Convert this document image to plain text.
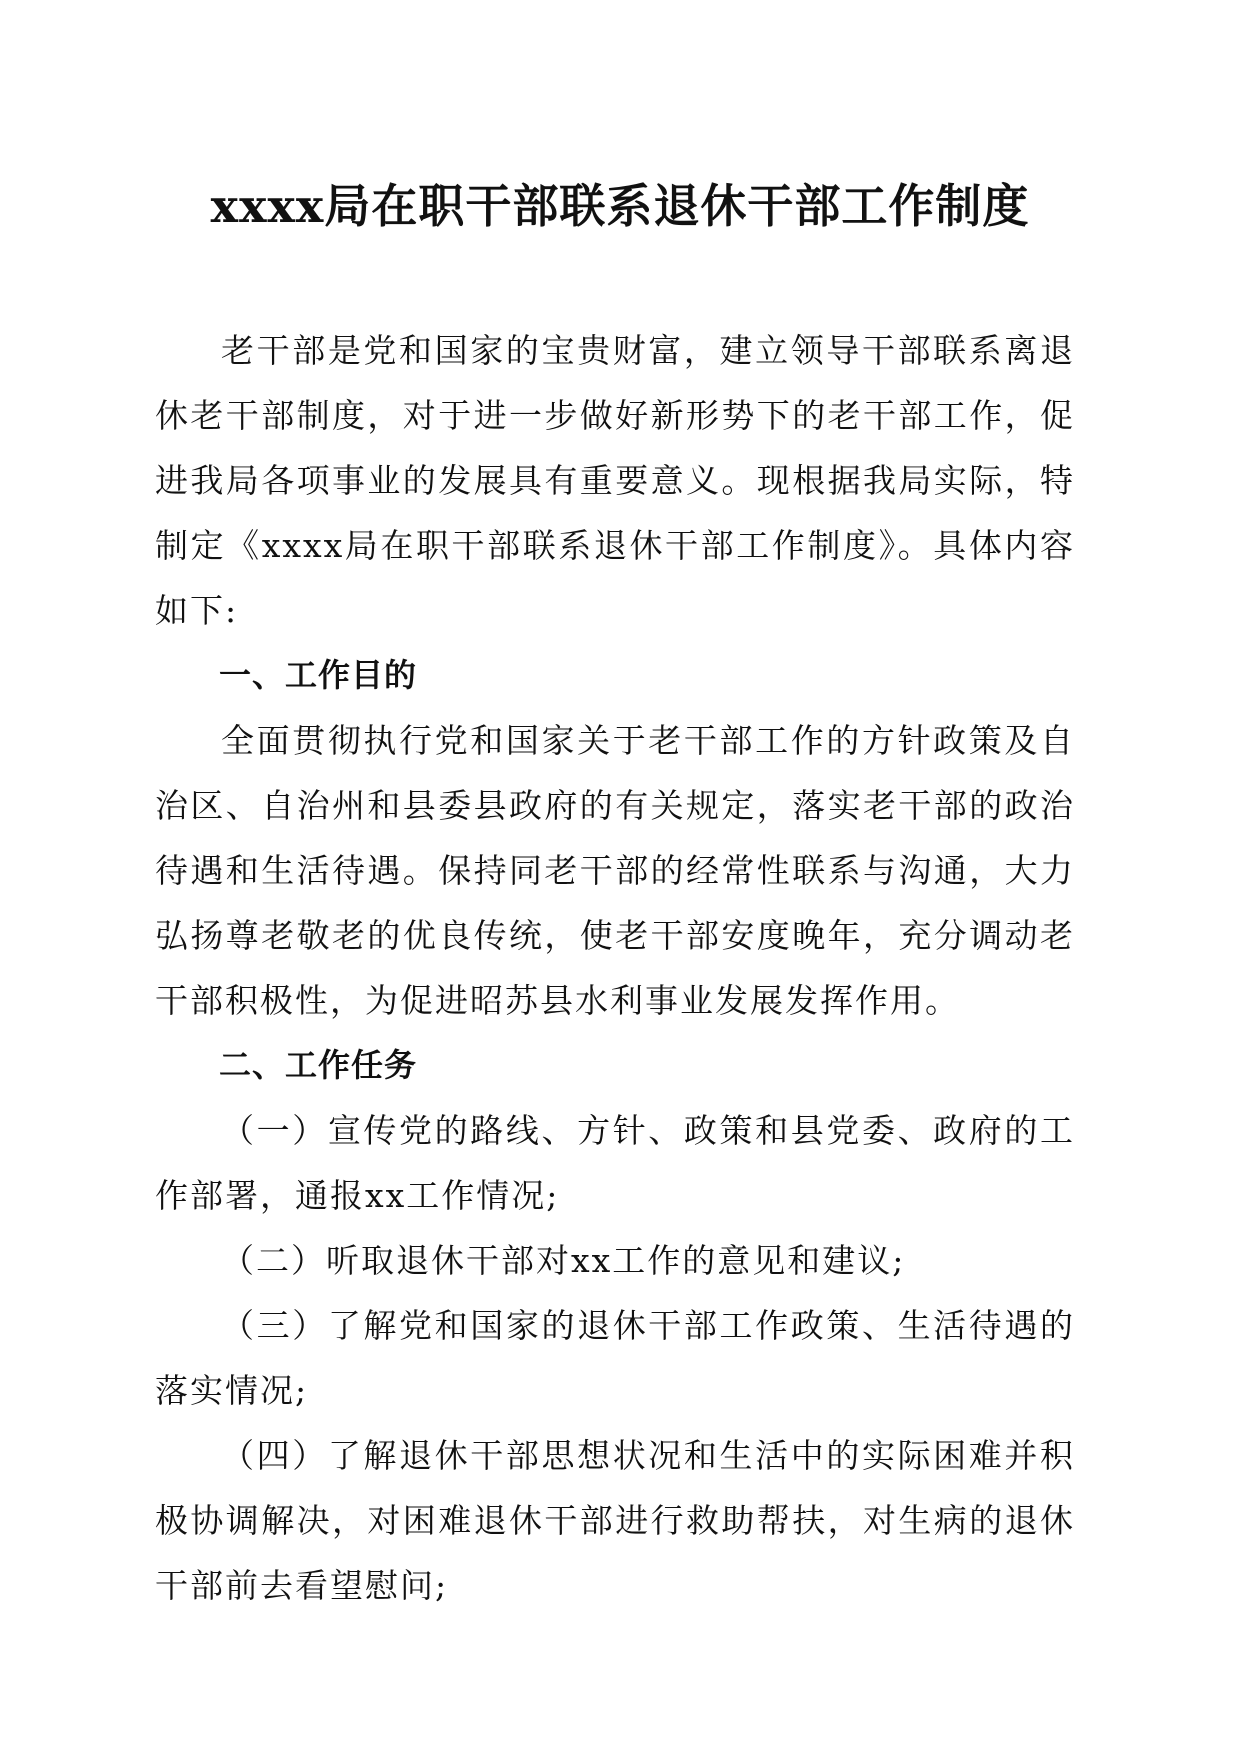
xxxx局在职干部联系退休干部工作制度

老干部是党和国家的宝贵财富，建立领导干部联系离退休老干部制度，对于进一步做好新形势下的老干部工作，促进我局各项事业的发展具有重要意义。现根据我局实际，特制定《xxxx局在职干部联系退休干部工作制度》。具体内容如下:

一、工作目的

全面贯彻执行党和国家关于老干部工作的方针政策及自治区、自治州和县委县政府的有关规定，落实老干部的政治待遇和生活待遇。保持同老干部的经常性联系与沟通，大力弘扬尊老敬老的优良传统，使老干部安度晚年，充分调动老干部积极性，为促进昭苏县水利事业发展发挥作用。

二、工作任务

（一）宣传党的路线、方针、政策和县党委、政府的工作部署，通报xx工作情况;

（二）听取退休干部对xx工作的意见和建议;

（三）了解党和国家的退休干部工作政策、生活待遇的落实情况;

（四）了解退休干部思想状况和生活中的实际困难并积极协调解决，对困难退休干部进行救助帮扶，对生病的退休干部前去看望慰问;
